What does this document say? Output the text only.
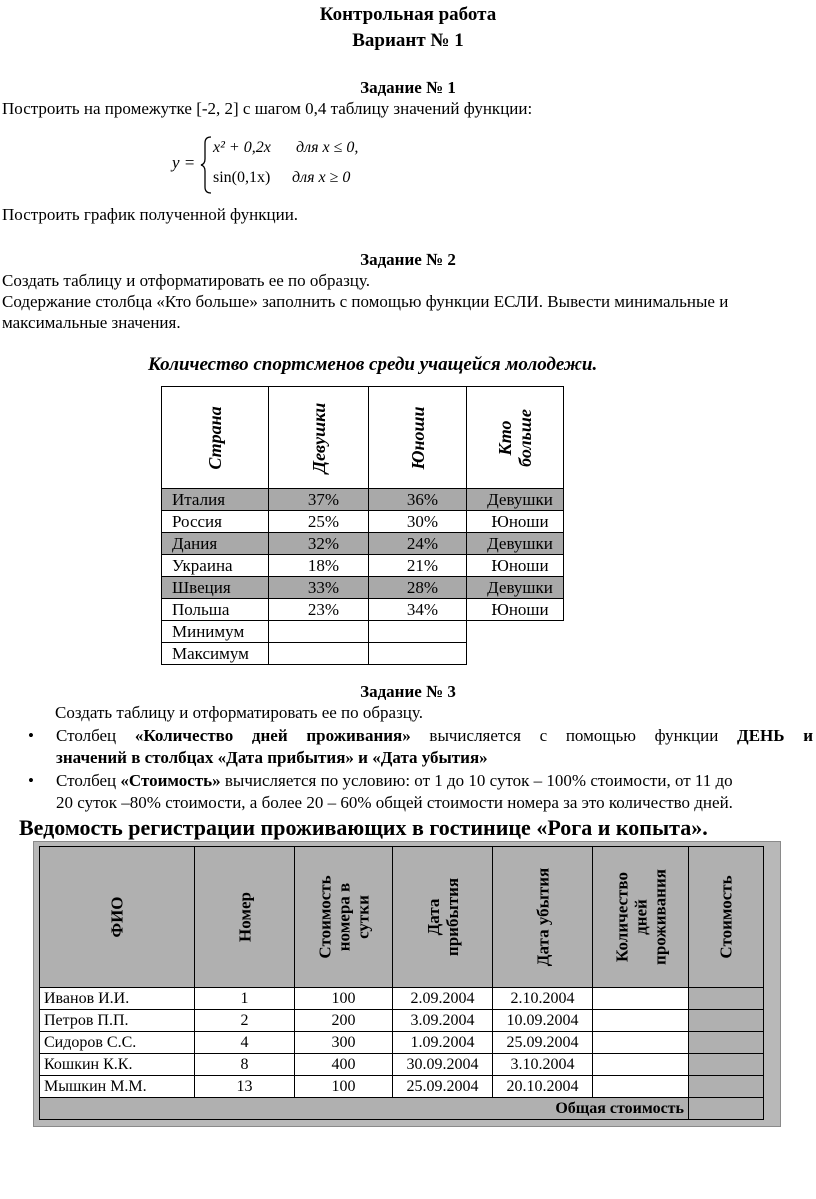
Контрольная работа
Вариант № 1
Задание № 1
Построить на промежутке [-2, 2] с шагом 0,4 таблицу значений функции:
y =
x² + 0,2x для x ≤ 0,
sin(0,1x) для x ≥ 0
Построить график полученной функции.
Задание № 2
Создать таблицу и отформатировать ее по образцу.
Содержание столбца «Кто больше» заполнить с помощью функции ЕСЛИ. Вывести минимальные и
максимальные значения.
Количество спортсменов среди учащейся молодежи.
Страна	Девушки	Юноши	Кто
больше

Италия	37%	36%	Девушки
Россия	25%	30%	Юноши
Дания	32%	24%	Девушки
Украина	18%	21%	Юноши
Швеция	33%	28%	Девушки
Польша	23%	34%	Юноши
Минимум			
Максимум			
Задание № 3
Создать таблицу и отформатировать ее по образцу.
• Столбец «Количество дней проживания» вычисляется с помощью функции ДЕНЬ и
значений в столбцах «Дата прибытия» и «Дата убытия»
• Столбец «Стоимость» вычисляется по условию: от 1 до 10 суток – 100% стоимости, от 11 до
20 суток –80% стоимости, а более 20 – 60% общей стоимости номера за это количество дней.
Ведомость регистрации проживающих в гостинице «Рога и копыта».
ФИО	Номер	Стоимость
номера в
сутки	Дата
прибытия	Дата убытия	Количество
дней
проживания	Стоимость

Иванов И.И.	1	100	2.09.2004	2.10.2004		
Петров П.П.	2	200	3.09.2004	10.09.2004		
Сидоров С.С.	4	300	1.09.2004	25.09.2004		
Кошкин К.К.	8	400	30.09.2004	3.10.2004		
Мышкин М.М.	13	100	25.09.2004	20.10.2004		
Общая стоимость						
